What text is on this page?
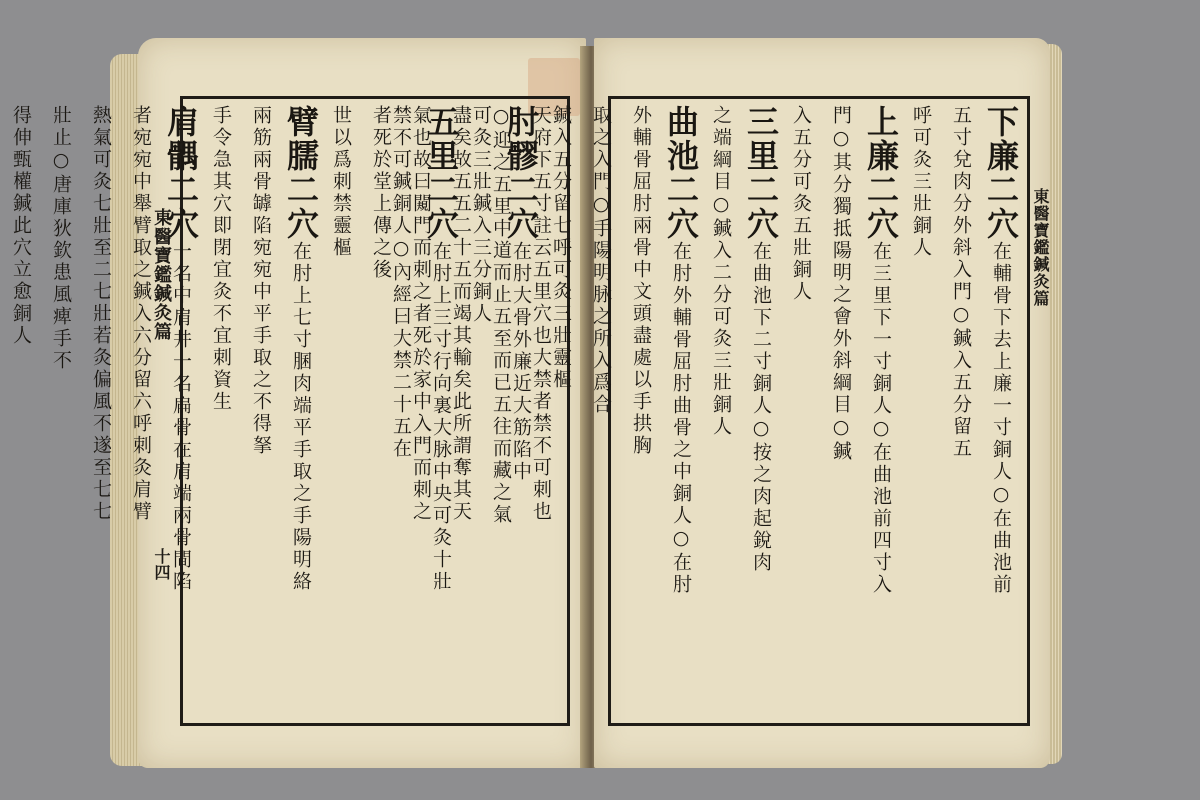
東醫寶鑑鍼灸篇
十四
天府下五寸註云五里穴也大禁者禁不可刺也
○迎之五里中道而止五至而已五往而藏之氣
盡矣故五五二十五而竭其輸矣此所謂奪其天
氣也故曰闚門而刺之者死於家中入門而刺之
者死於堂上傳之後
世以爲刺禁靈樞
臂臑二穴在肘上七寸䐃肉端平手取之手陽明絡
兩筋兩骨罅陷宛宛中平手取之不得拏
手令急其穴即閉宜灸不宜刺資生
肩髃二穴一名中肩井一名扁骨在肩端兩骨間陷
者宛宛中舉臂取之鍼入六分留六呼刺灸肩臂
熱氣可灸七壯至二七壯若灸偏風不遂至七七
壯止○唐庫狄欽患風痺手不
得伸甄權鍼此穴立愈銅人	東醫寶鑑鍼灸篇
下廉二穴在輔骨下去上廉一寸銅人○在曲池前
五寸兌肉分外斜入門○鍼入五分留五
呼可灸三壯銅人
上廉二穴在三里下一寸銅人○在曲池前四寸入
門○其分獨抵陽明之會外斜綱目○鍼
入五分可灸五壯銅人
三里二穴在曲池下二寸銅人○按之肉起銳肉
之端綱目○鍼入二分可灸三壯銅人
曲池二穴在肘外輔骨屈肘曲骨之中銅人○在肘
外輔骨屈肘兩骨中文頭盡處以手拱胸
取之入門○手陽明脉之所入爲合
鍼入五分留七呼可灸三壯靈樞
肘髎二穴在肘大骨外廉近大筋陷中
可灸三壯鍼入三分銅人
五里二穴在肘上三寸行向裏大脉中央可灸十壯
禁不可鍼銅人○內經曰大禁二十五在
